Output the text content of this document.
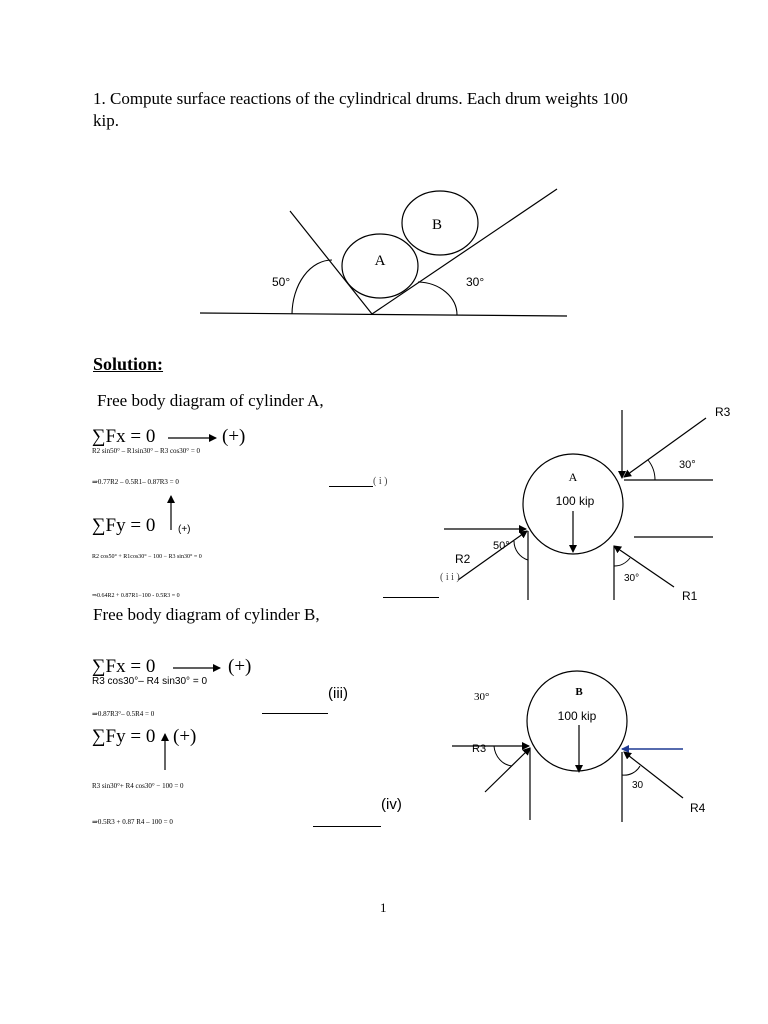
1. Compute surface reactions of the cylindrical drums. Each drum weights 100 kip.
A
B
50°	30°
A
100 kip
R3
30°
50°
R2
30°
R1
B
100 kip
30°
R3
30
R4
Solution:
Free body diagram of cylinder A,
∑Fx = 0	(+)
R2 sin50° – R1sin30° – R3 cos30° = 0
⇒0.77R2 – 0.5R1– 0.87R3 = 0	( i )
∑Fy = 0 (+)
R2 cos50° + R1cos30° − 100 − R3 sin30° = 0
( i i )
⇒0.64R2 + 0.87R1−100 - 0.5R3 = 0
Free body diagram of cylinder B,
∑Fx = 0	(+)
R3 cos30°– R4 sin30° = 0
(iii)
⇒0.87R3°– 0.5R4 = 0
∑Fy = 0 (+)
R3 sin30°+ R4 cos30° − 100 = 0
(iv)
⇒0.5R3 + 0.87 R4 – 100 = 0
1
